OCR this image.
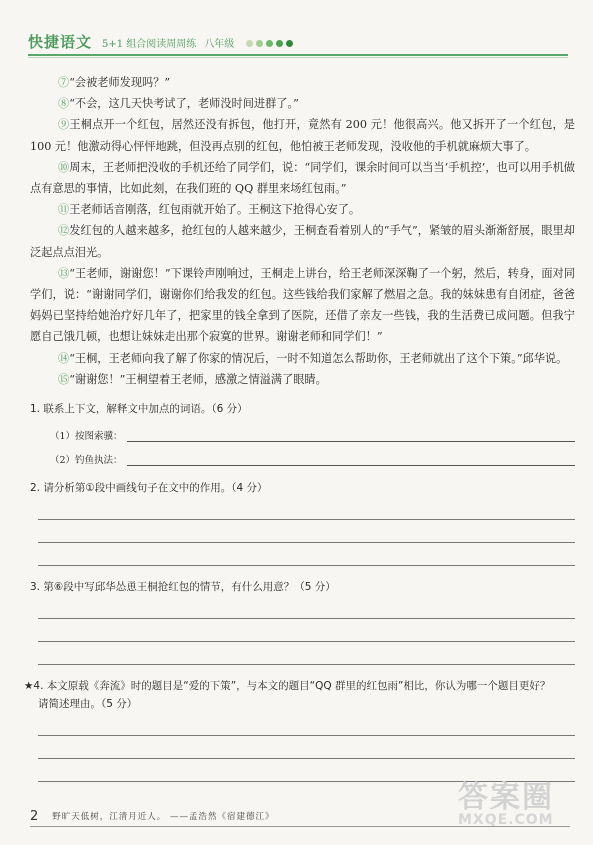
快捷语文 5+1 组合阅读周周练 八年级

⑦“会被老师发现吗？”

⑧“不会，这几天快考试了，老师没时间进群了。”

⑨王桐点开一个红包，居然还没有拆包，他打开，竟然有 200 元！他很高兴。他又拆开了一个红包，是 100 元！他激动得心怦怦地跳，但没再点别的红包，他怕被王老师发现，没收他的手机就麻烦大事了。

⑩周末，王老师把没收的手机还给了同学们，说：“同学们，课余时间可以当当‘手机控’，也可以用手机做点有意思的事情，比如此刻，在我们班的 QQ 群里来场红包雨。”

⑪王老师话音刚落，红包雨就开始了。王桐这下抢得心安了。

⑫发红包的人越来越多，抢红包的人越来越少，王桐查看着别人的“手气”，紧皱的眉头渐渐舒展，眼里却泛起点点泪光。

⑬“王老师，谢谢您！”下课铃声刚响过，王桐走上讲台，给王老师深深鞠了一个躬，然后，转身，面对同学们，说：“谢谢同学们，谢谢你们给我发的红包。这些钱给我们家解了燃眉之急。我的妹妹患有自闭症，爸爸妈妈已坚持给她治疗好几年了，把家里的钱全拿到了医院，还借了亲友一些钱，我的生活费已成问题。但我宁愿自己饿几顿，也想让妹妹走出那个寂寞的世界。谢谢老师和同学们！”

⑭“王桐，王老师向我了解了你家的情况后，一时不知道怎么帮助你，王老师就出了这个下策。”邱华说。

⑮“谢谢您！”王桐望着王老师，感激之情溢满了眼睛。

1. 联系上下文，解释文中加点的词语。（6 分）
（1）按图索骥：
（2）钓鱼执法：
2. 请分析第①段中画线句子在文中的作用。（4 分）
3. 第⑥段中写邱华怂恿王桐抢红包的情节，有什么用意？（5 分）
★4. 本文原载《奔流》时的题目是“爱的下策”，与本文的题目“QQ 群里的红包雨”相比，你认为哪一个题目更好？
请简述理由。（5 分）
2 野旷天低树，江清月近人。 ——孟浩然《宿建德江》
答案圈
MXQE.COM
